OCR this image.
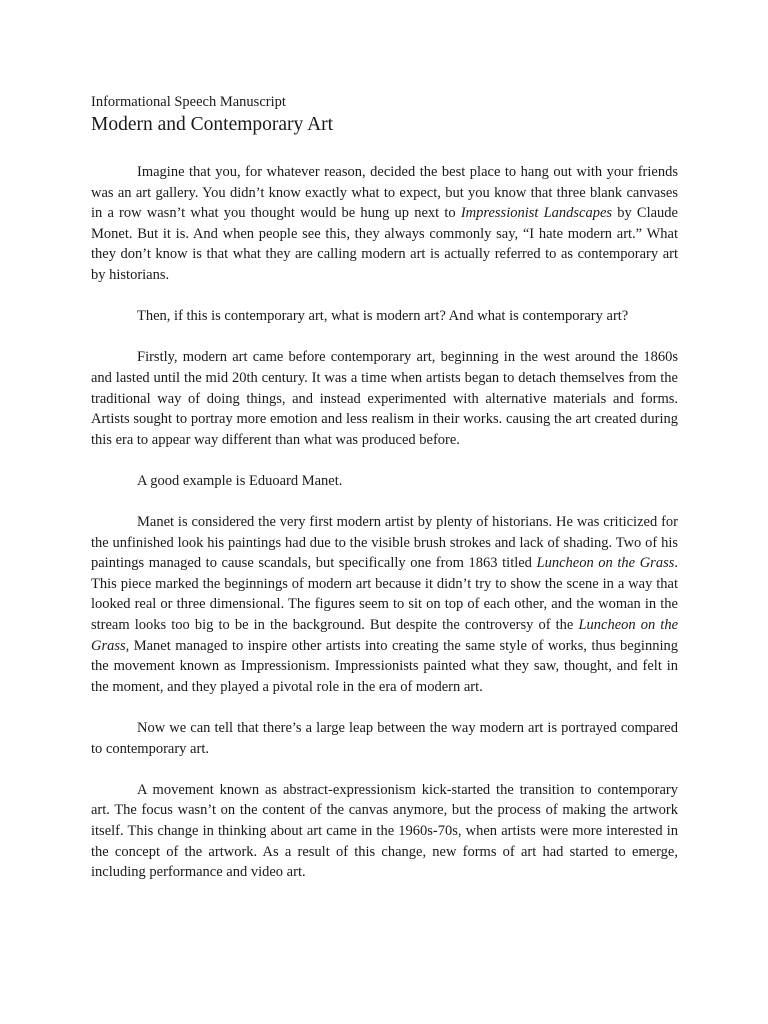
Informational Speech Manuscript

Modern and Contemporary Art

Imagine that you, for whatever reason, decided the best place to hang out with your friends was an art gallery. You didn’t know exactly what to expect, but you know that three blank canvases in a row wasn’t what you thought would be hung up next to Impressionist Landscapes by Claude Monet. But it is. And when people see this, they always commonly say, “I hate modern art.” What they don’t know is that what they are calling modern art is actually referred to as contemporary art by historians.

Then, if this is contemporary art, what is modern art? And what is contemporary art?

Firstly, modern art came before contemporary art, beginning in the west around the 1860s and lasted until the mid 20th century. It was a time when artists began to detach themselves from the traditional way of doing things, and instead experimented with alternative materials and forms. Artists sought to portray more emotion and less realism in their works. causing the art created during this era to appear way different than what was produced before.

A good example is Eduoard Manet.

Manet is considered the very first modern artist by plenty of historians. He was criticized for the unfinished look his paintings had due to the visible brush strokes and lack of shading. Two of his paintings managed to cause scandals, but specifically one from 1863 titled Luncheon on the Grass. This piece marked the beginnings of modern art because it didn’t try to show the scene in a way that looked real or three dimensional. The figures seem to sit on top of each other, and the woman in the stream looks too big to be in the background. But despite the controversy of the Luncheon on the Grass, Manet managed to inspire other artists into creating the same style of works, thus beginning the movement known as Impressionism. Impressionists painted what they saw, thought, and felt in the moment, and they played a pivotal role in the era of modern art.

Now we can tell that there’s a large leap between the way modern art is portrayed compared to contemporary art.

A movement known as abstract-expressionism kick-started the transition to contemporary art. The focus wasn’t on the content of the canvas anymore, but the process of making the artwork itself. This change in thinking about art came in the 1960s-70s, when artists were more interested in the concept of the artwork. As a result of this change, new forms of art had started to emerge, including performance and video art.
